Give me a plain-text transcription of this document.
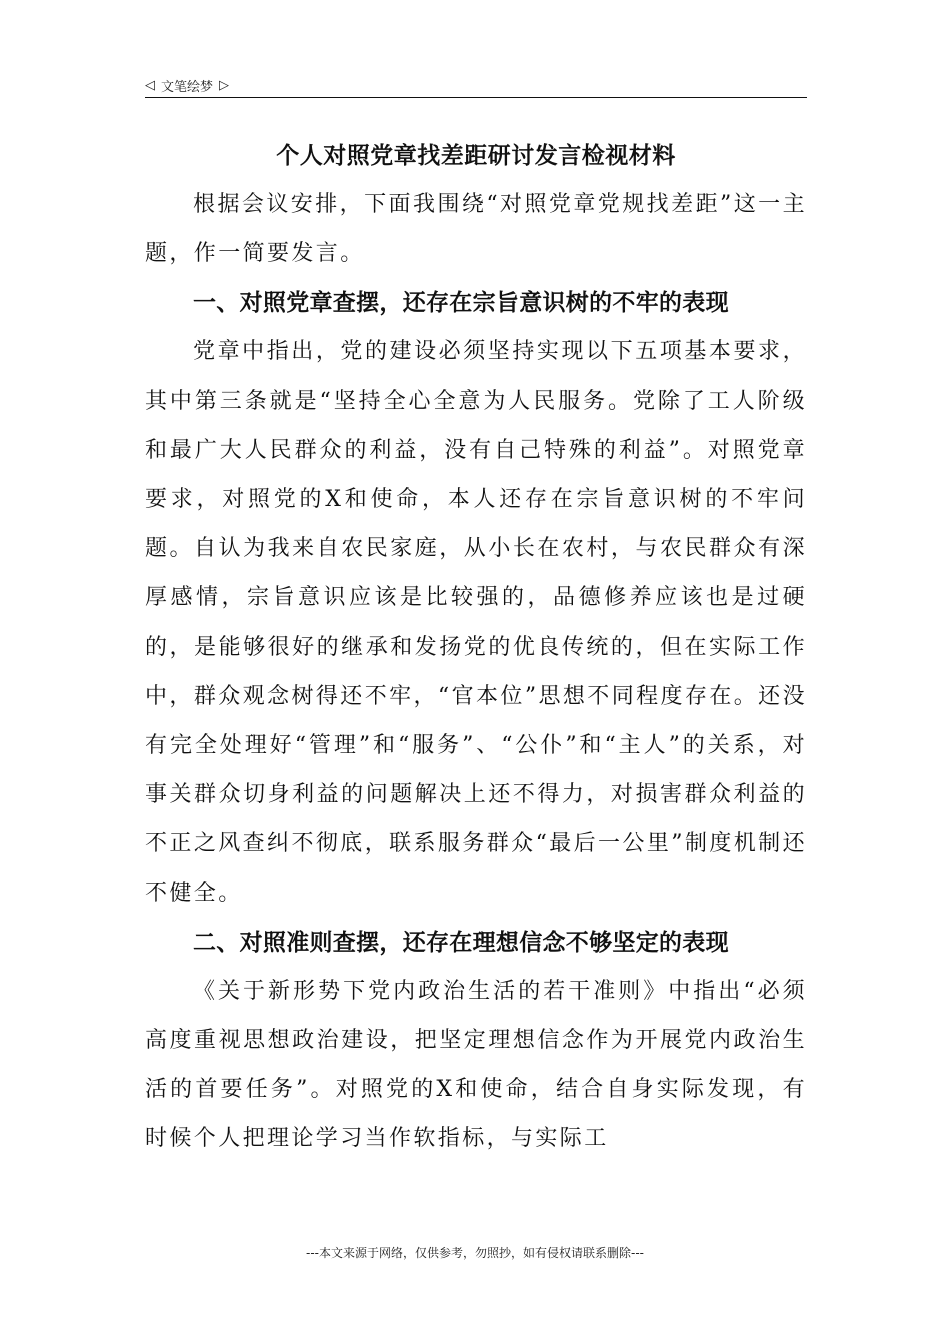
◁ 文笔绘梦 ▷
个人对照党章找差距研讨发言检视材料

根据会议安排，下面我围绕“对照党章党规找差距”这一主题，作一简要发言。

一、对照党章查摆，还存在宗旨意识树的不牢的表现

党章中指出，党的建设必须坚持实现以下五项基本要求，其中第三条就是“坚持全心全意为人民服务。党除了工人阶级和最广大人民群众的利益，没有自己特殊的利益”。对照党章要求，对照党的X和使命，本人还存在宗旨意识树的不牢问题。自认为我来自农民家庭，从小长在农村，与农民群众有深厚感情，宗旨意识应该是比较强的，品德修养应该也是过硬的，是能够很好的继承和发扬党的优良传统的，但在实际工作中，群众观念树得还不牢，“官本位”思想不同程度存在。还没有完全处理好“管理”和“服务”、“公仆”和“主人”的关系，对事关群众切身利益的问题解决上还不得力，对损害群众利益的不正之风查纠不彻底，联系服务群众“最后一公里”制度机制还不健全。

二、对照准则查摆，还存在理想信念不够坚定的表现

《关于新形势下党内政治生活的若干准则》中指出“必须高度重视思想政治建设，把坚定理想信念作为开展党内政治生活的首要任务”。对照党的X和使命，结合自身实际发现，有时候个人把理论学习当作软指标，与实际工

---本文来源于网络，仅供参考，勿照抄，如有侵权请联系删除---
